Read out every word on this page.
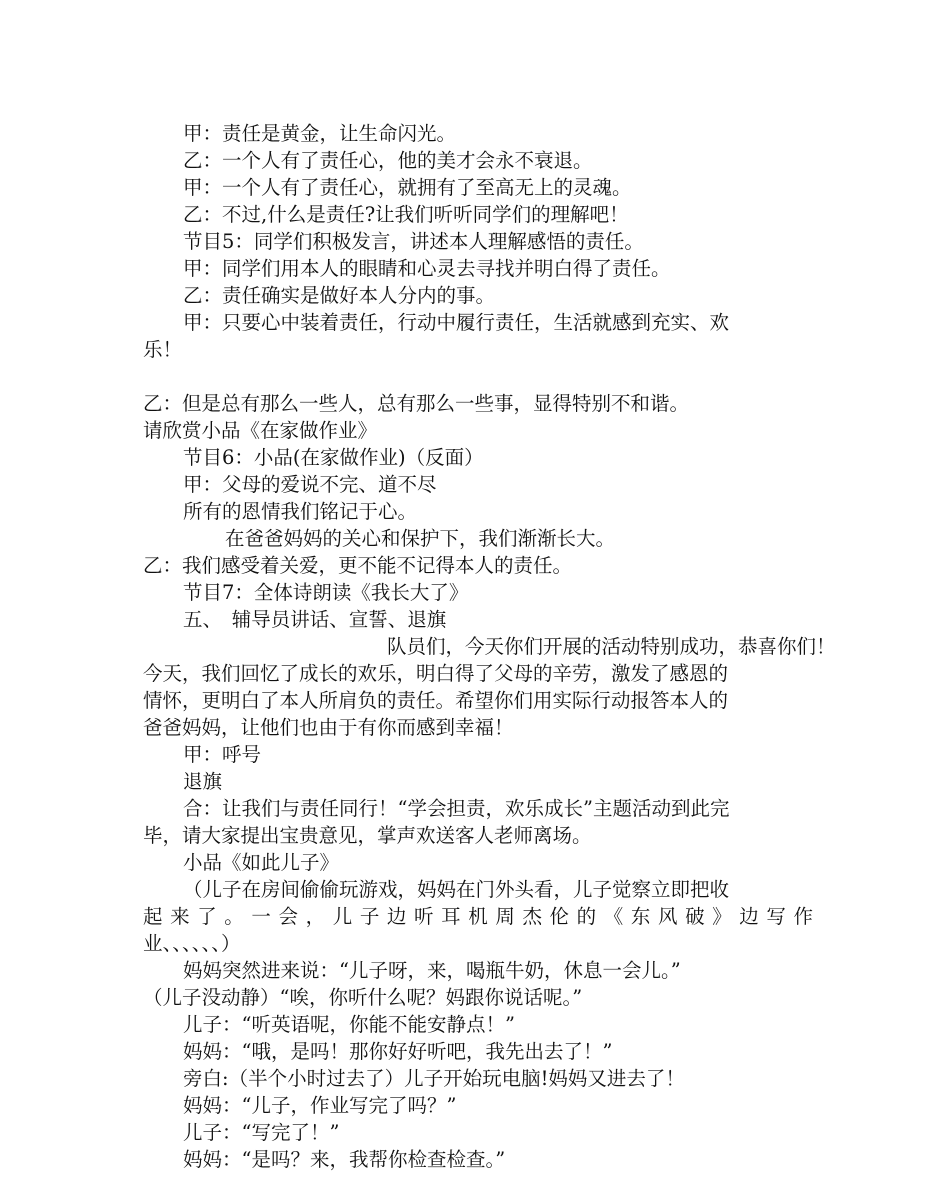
甲：责任是黄金，让生命闪光。
乙：一个人有了责任心，他的美才会永不衰退。
甲：一个人有了责任心，就拥有了至高无上的灵魂。
乙：不过,什么是责任?让我们听听同学们的理解吧！
节目5：同学们积极发言，讲述本人理解感悟的责任。
甲：同学们用本人的眼睛和心灵去寻找并明白得了责任。
乙：责任确实是做好本人分内的事。
甲：只要心中装着责任，行动中履行责任，生活就感到充实、欢
乐！
乙：但是总有那么一些人，总有那么一些事，显得特别不和谐。
请欣赏小品《在家做作业》
节目6：小品(在家做作业)（反面）
甲：父母的爱说不完、道不尽
所有的恩情我们铭记于心。
在爸爸妈妈的关心和保护下，我们渐渐长大。
乙：我们感受着关爱，更不能不记得本人的责任。
节目7：全体诗朗读《我长大了》
五、　辅导员讲话、宣誓、退旗
队员们，今天你们开展的活动特别成功，恭喜你们！
今天，我们回忆了成长的欢乐，明白得了父母的辛劳，激发了感恩的
情怀，更明白了本人所肩负的责任。希望你们用实际行动报答本人的
爸爸妈妈，让他们也由于有你而感到幸福！
甲：呼号
退旗
合：让我们与责任同行！“学会担责，欢乐成长”主题活动到此完
毕，请大家提出宝贵意见，掌声欢送客人老师离场。
小品《如此儿子》
（儿子在房间偷偷玩游戏，妈妈在门外头看，儿子觉察立即把收
起来了。一会，儿子边听耳机周杰伦的《东风破》边写作
业、、、、、、）
妈妈突然进来说：“儿子呀，来，喝瓶牛奶，休息一会儿。”
（儿子没动静）“唉，你听什么呢？妈跟你说话呢。”
儿子：“听英语呢，你能不能安静点！”
妈妈：“哦，是吗！那你好好听吧，我先出去了！”
旁白:（半个小时过去了）儿子开始玩电脑!妈妈又进去了！
妈妈：“儿子，作业写完了吗？”
儿子：“写完了！”
妈妈：“是吗？来，我帮你检查检查。”
